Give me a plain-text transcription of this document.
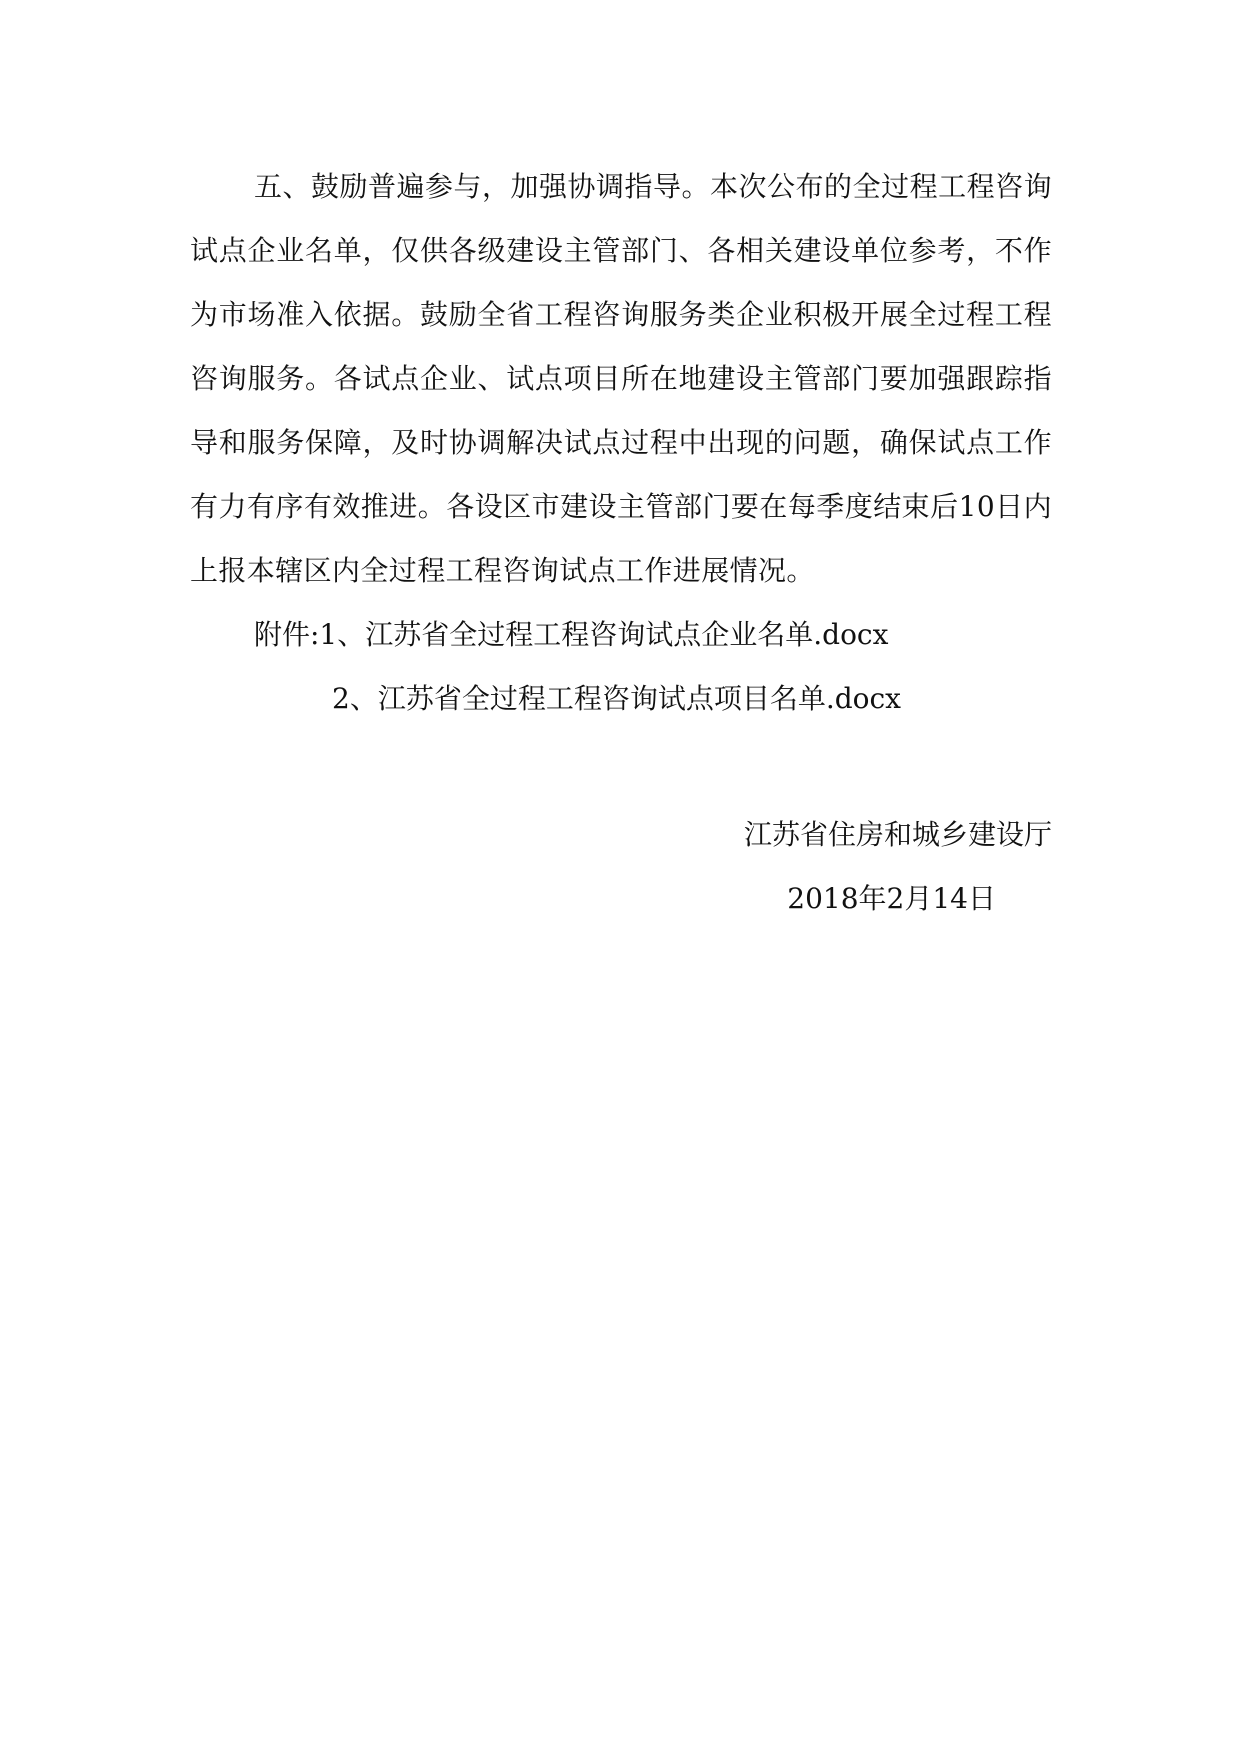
五、鼓励普遍参与，加强协调指导。本次公布的全过程工程咨询试点企业名单，仅供各级建设主管部门、各相关建设单位参考，不作为市场准入依据。鼓励全省工程咨询服务类企业积极开展全过程工程咨询服务。各试点企业、试点项目所在地建设主管部门要加强跟踪指导和服务保障，及时协调解决试点过程中出现的问题，确保试点工作有力有序有效推进。各设区市建设主管部门要在每季度结束后10日内上报本辖区内全过程工程咨询试点工作进展情况。

附件:1、江苏省全过程工程咨询试点企业名单.docx

2、江苏省全过程工程咨询试点项目名单.docx

江苏省住房和城乡建设厅
2018年2月14日
